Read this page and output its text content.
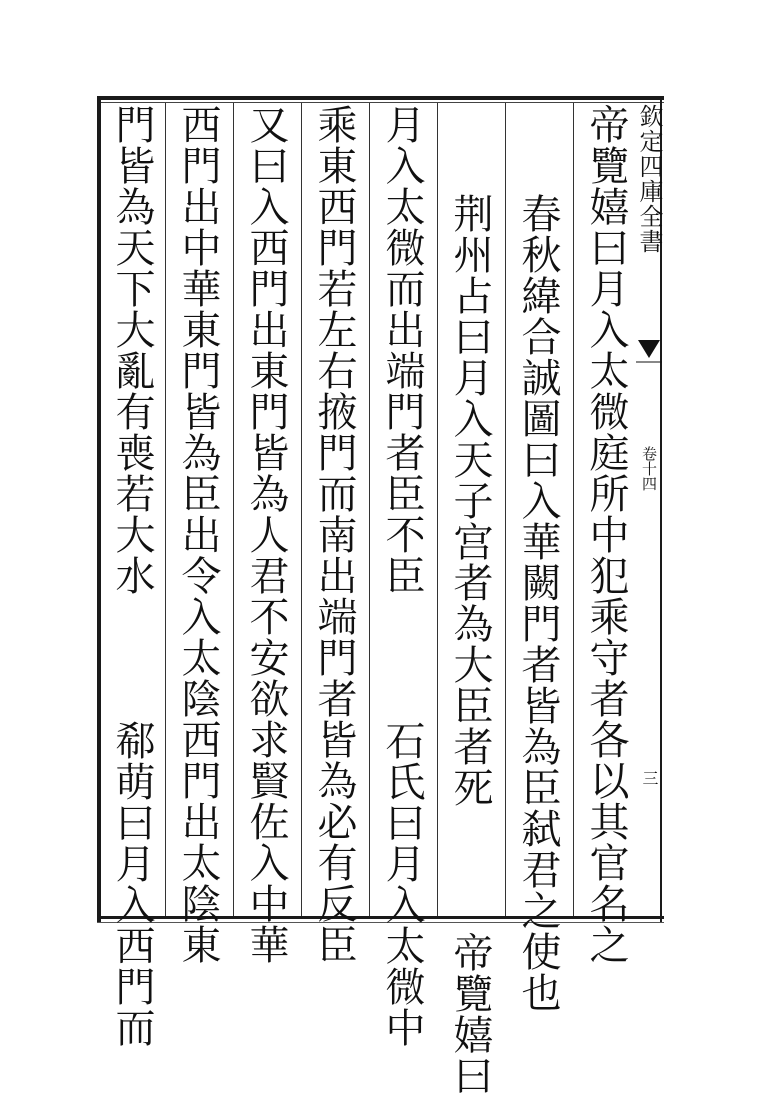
欽定四庫全書
卷十四
三
帝覽嬉曰月入太微庭所中犯乘守者各以其官名之
春秋緯合誠圖曰入華闕門者皆為臣弑君之使也
荆州占曰月入天子宫者為大臣者死  帝覽嬉曰
月入太微而出端門者臣不臣  石氏曰月入太微中
乘東西門若左右掖門而南出端門者皆為必有反臣
又曰入西門出東門皆為人君不安欲求賢佐入中華
西門出中華東門皆為臣出令入太陰西門出太陰東
門皆為天下大亂有喪若大水  郗萌曰月入西門而
